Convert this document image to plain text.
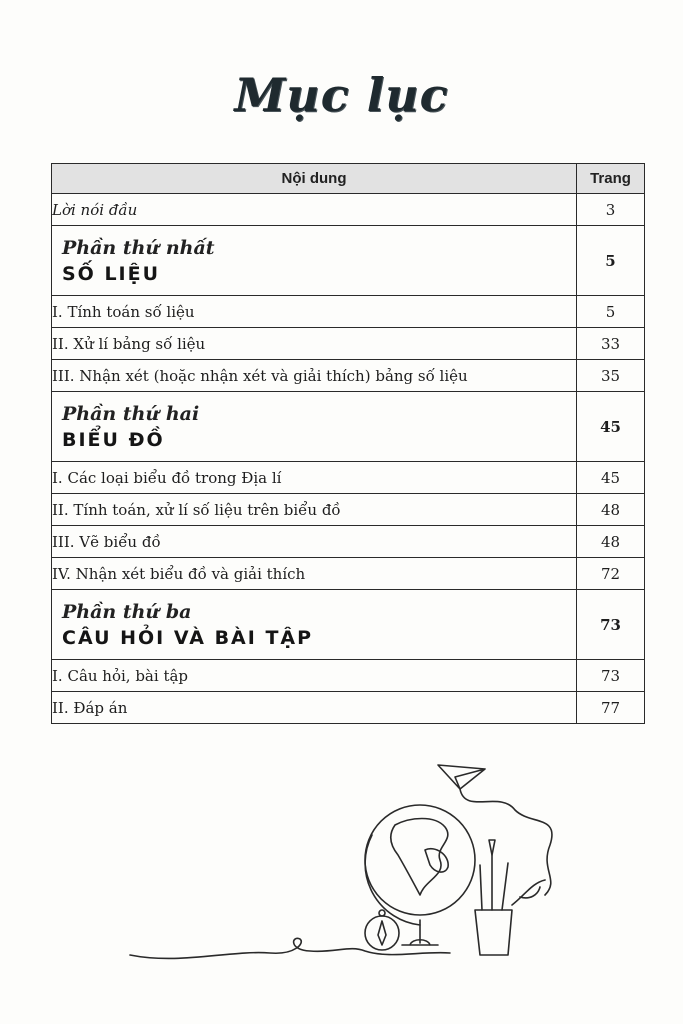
Mục lục
Nội dung	Trang
Lời nói đầu	3

Phần thứ nhất
SỐ LIỆU	5
I. Tính toán số liệu	5
II. Xử lí bảng số liệu	33
III. Nhận xét (hoặc nhận xét và giải thích) bảng số liệu	35

Phần thứ hai
BIỂU ĐỒ	45
I. Các loại biểu đồ trong Địa lí	45
II. Tính toán, xử lí số liệu trên biểu đồ	48
III. Vẽ biểu đồ	48
IV. Nhận xét biểu đồ và giải thích	72

Phần thứ ba
CÂU HỎI VÀ BÀI TẬP	73
I. Câu hỏi, bài tập	73
II. Đáp án	77
